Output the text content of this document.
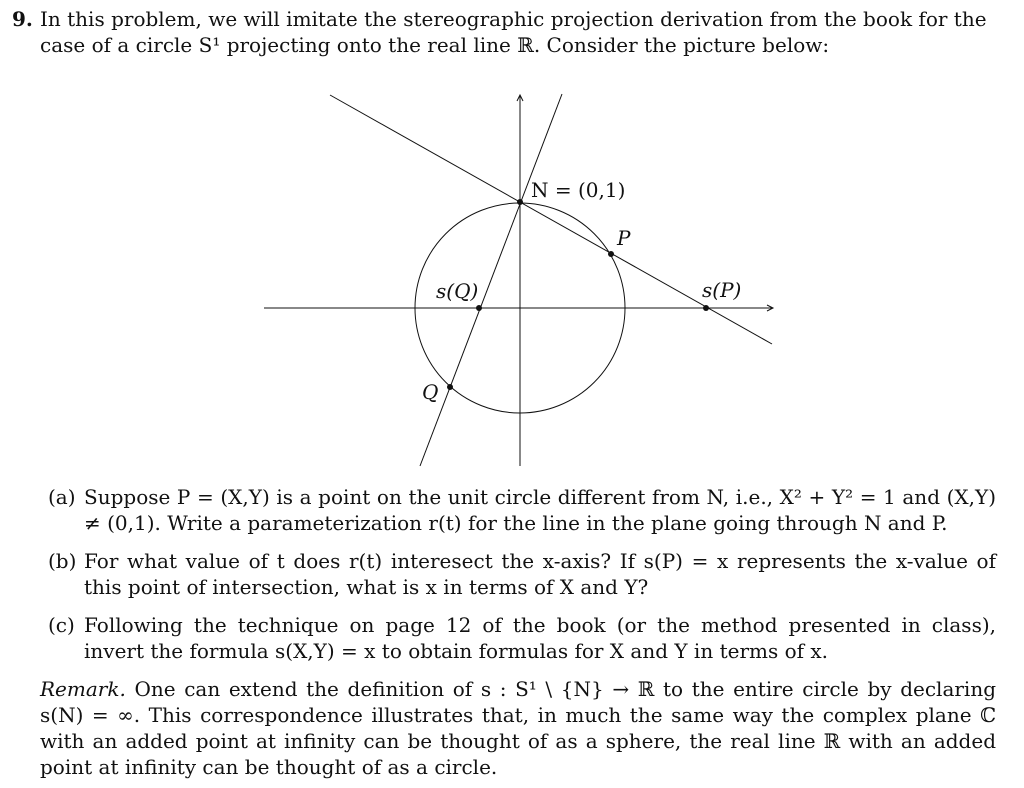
9. In this problem, we will imitate the stereographic projection derivation from the book for the case of a circle S¹ projecting onto the real line ℝ. Consider the picture below:
N = (0,1)
P
s(P)
s(Q)
Q
(a) Suppose P = (X,Y) is a point on the unit circle different from N, i.e., X² + Y² = 1 and (X,Y) ≠ (0,1). Write a parameterization r(t) for the line in the plane going through N and P.
(b) For what value of t does r(t) interesect the x-axis? If s(P) = x represents the x-value of this point of intersection, what is x in terms of X and Y?
(c) Following the technique on page 12 of the book (or the method presented in class), invert the formula s(X,Y) = x to obtain formulas for X and Y in terms of x.
Remark. One can extend the definition of s : S¹ \ {N} → ℝ to the entire circle by declaring s(N) = ∞. This correspondence illustrates that, in much the same way the complex plane ℂ with an added point at infinity can be thought of as a sphere, the real line ℝ with an added point at infinity can be thought of as a circle.
